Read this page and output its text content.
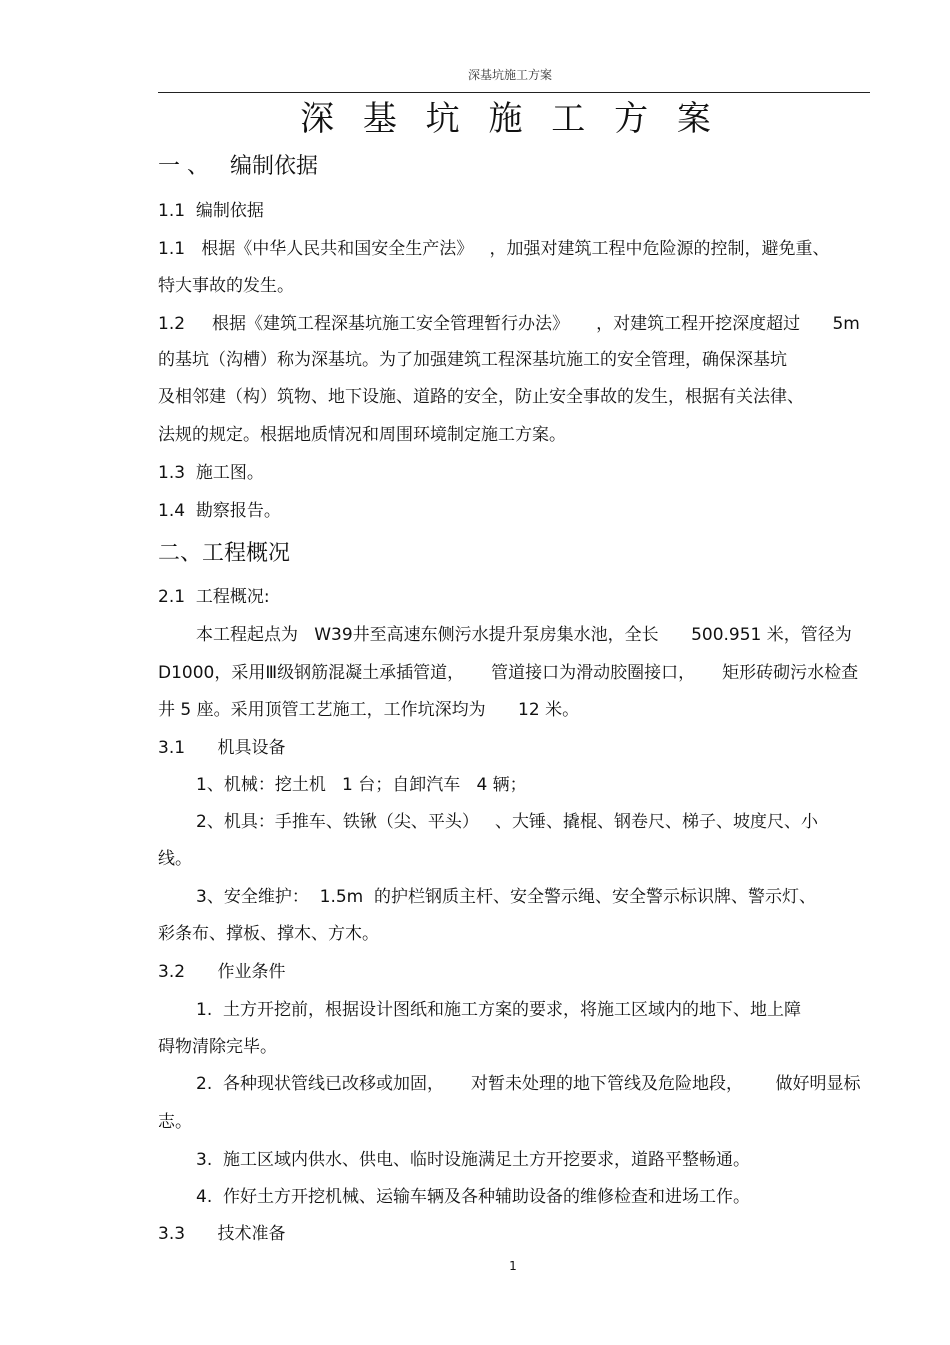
深基坑施工方案
深 基 坑 施 工 方 案
一 、   编制依据
1.1  编制依据
1.1   根据《中华人民共和国安全生产法》   ，加强对建筑工程中危险源的控制，避免重、
特大事故的发生。
1.2     根据《建筑工程深基坑施工安全管理暂行办法》     ，对建筑工程开挖深度超过      5m
的基坑（沟槽）称为深基坑。为了加强建筑工程深基坑施工的安全管理，确保深基坑
及相邻建（构）筑物、地下设施、道路的安全，防止安全事故的发生，根据有关法律、
法规的规定。根据地质情况和周围环境制定施工方案。
1.3  施工图。
1.4  勘察报告。
二、工程概况
2.1  工程概况:
本工程起点为   W39井至高速东侧污水提升泵房集水池，全长      500.951 米，管径为
D1000，采用Ⅲ级钢筋混凝土承插管道，     管道接口为滑动胶圈接口，     矩形砖砌污水检查
井 5 座。采用顶管工艺施工，工作坑深均为      12 米。
3.1      机具设备
1、机械：挖土机   1 台；自卸汽车   4 辆；
2、机具：手推车、铁锹（尖、平头）   、大锤、撬棍、钢卷尺、梯子、坡度尺、小
线。
3、安全维护：  1.5m  的护栏钢质主杆、安全警示绳、安全警示标识牌、警示灯、
彩条布、撑板、撑木、方木。
3.2      作业条件
1.  土方开挖前，根据设计图纸和施工方案的要求，将施工区域内的地下、地上障
碍物清除完毕。
2.  各种现状管线已改移或加固，     对暂未处理的地下管线及危险地段，      做好明显标
志。
3.  施工区域内供水、供电、临时设施满足土方开挖要求，道路平整畅通。
4.  作好土方开挖机械、运输车辆及各种辅助设备的维修检查和进场工作。
3.3      技术准备
1
